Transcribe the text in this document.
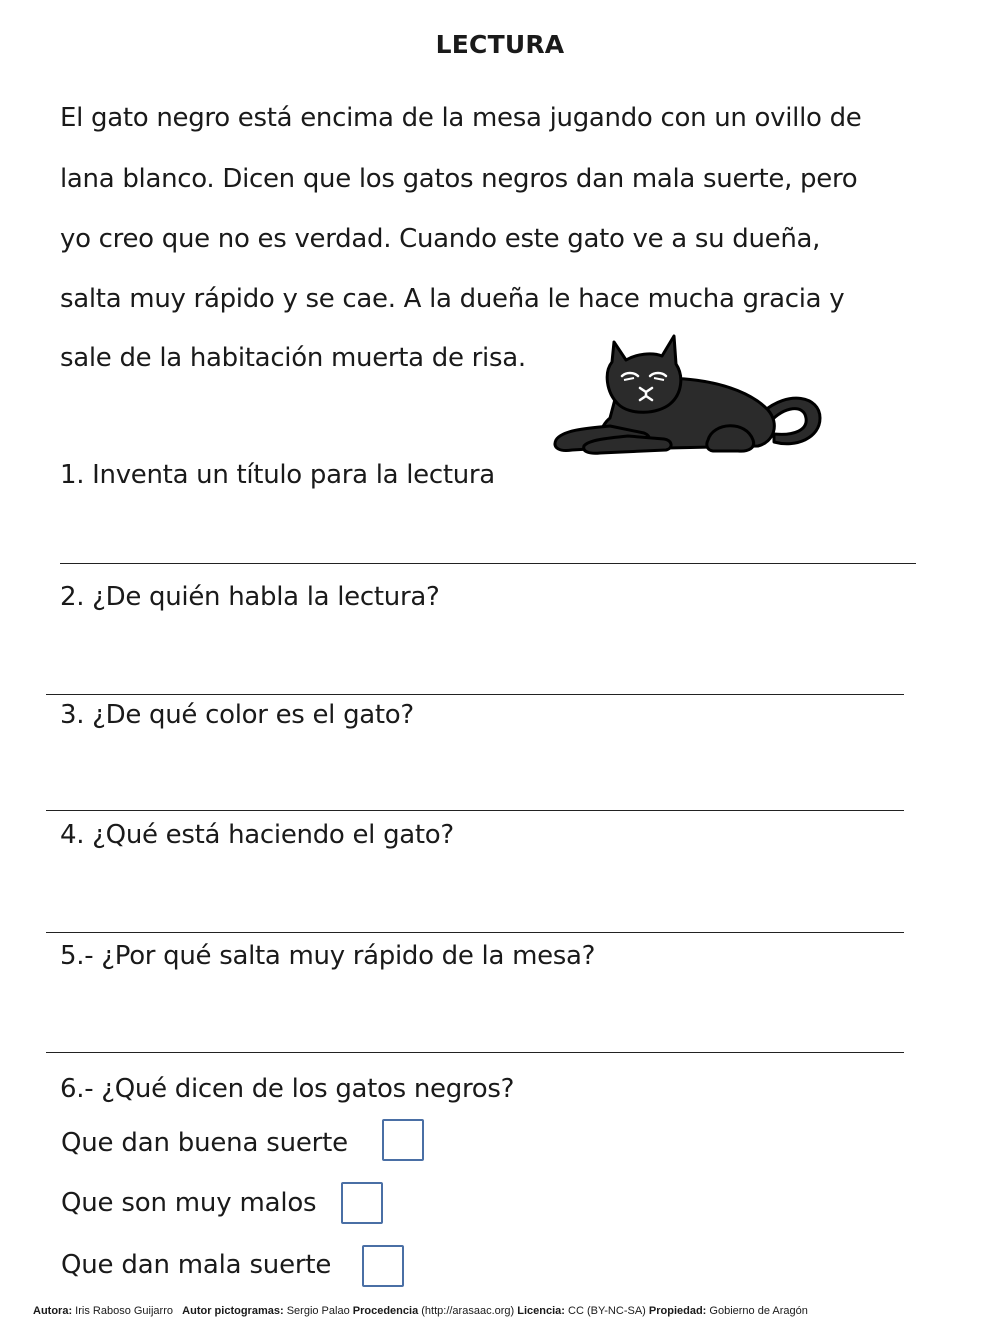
LECTURA
El gato negro está encima de la mesa jugando con un ovillo de
lana blanco. Dicen que los gatos negros dan mala suerte, pero
yo creo que no es verdad. Cuando este gato ve a su dueña,
salta muy rápido y se cae. A la dueña le hace mucha gracia y
sale de la habitación muerta de risa.
1. Inventa un título para la lectura
2. ¿De quién habla la lectura?
3. ¿De qué color es el gato?
4. ¿Qué está haciendo el gato?
5.- ¿Por qué salta muy rápido de la mesa?
6.- ¿Qué dicen de los gatos negros?
Que dan buena suerte
Que son muy malos
Que dan mala suerte
Autora: Iris Raboso Guijarro Autor pictogramas: Sergio Palao Procedencia (http://arasaac.org) Licencia: CC (BY-NC-SA) Propiedad: Gobierno de Aragón
